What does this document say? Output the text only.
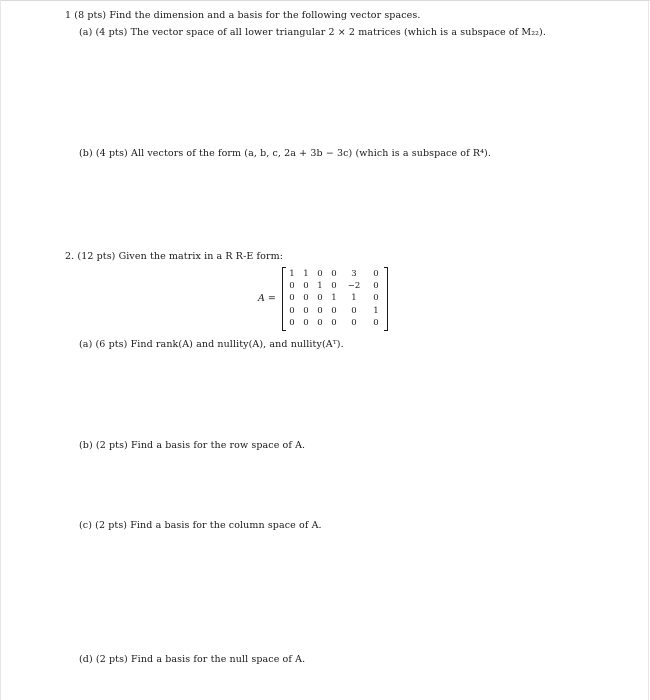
1 (8 pts) Find the dimension and a basis for the following vector spaces.
(a) (4 pts) The vector space of all lower triangular 2 × 2 matrices (which is a subspace of M₂₂).
(b) (4 pts) All vectors of the form (a, b, c, 2a + 3b − 3c) (which is a subspace of R⁴).
2. (12 pts) Given the matrix in a R R-E form:
A =
1	1	0	0	3	0
0	0	1	0	−2	0
0	0	0	1	1	0
0	0	0	0	0	1
0	0	0	0	0	0
(a) (6 pts) Find rank(A) and nullity(A), and nullity(Aᵀ).
(b) (2 pts) Find a basis for the row space of A.
(c) (2 pts) Find a basis for the column space of A.
(d) (2 pts) Find a basis for the null space of A.
